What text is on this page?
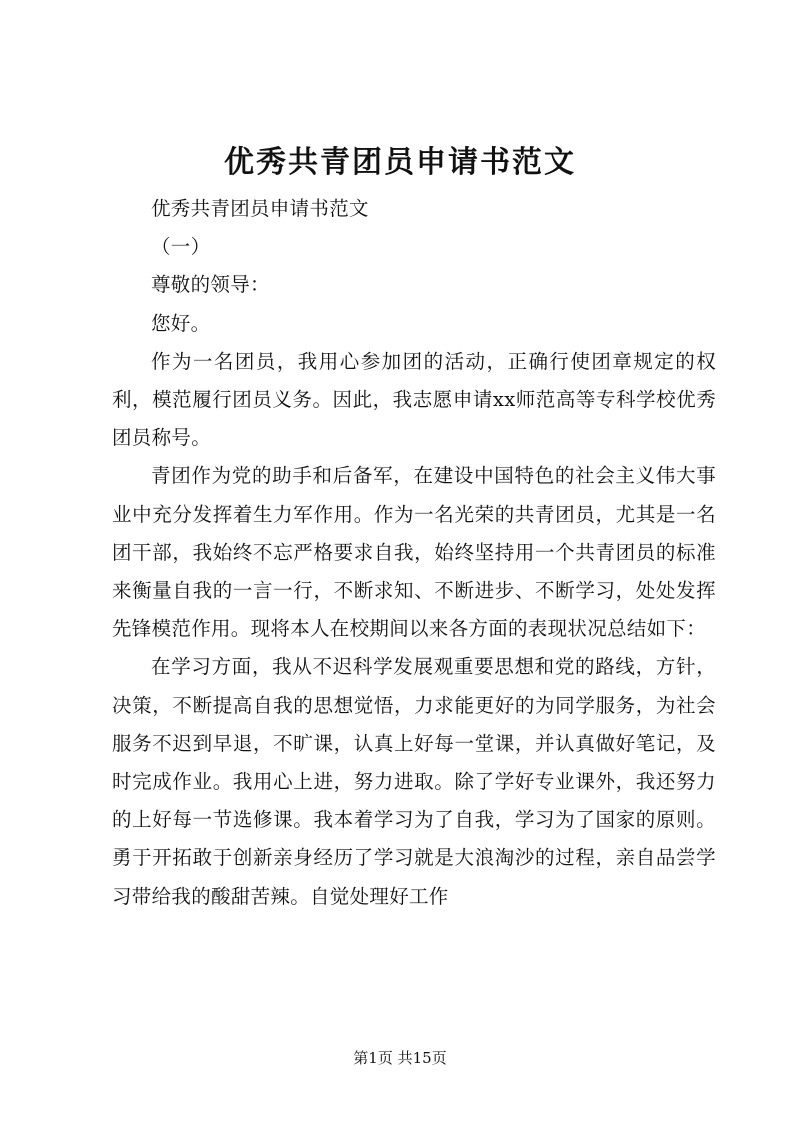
优秀共青团员申请书范文

优秀共青团员申请书范文

（一）

尊敬的领导：

您好。

作为一名团员，我用心参加团的活动，正确行使团章规定的权利，模范履行团员义务。因此，我志愿申请xx师范高等专科学校优秀团员称号。

青团作为党的助手和后备军，在建设中国特色的社会主义伟大事业中充分发挥着生力军作用。作为一名光荣的共青团员，尤其是一名团干部，我始终不忘严格要求自我，始终坚持用一个共青团员的标准来衡量自我的一言一行，不断求知、不断进步、不断学习，处处发挥先锋模范作用。现将本人在校期间以来各方面的表现状况总结如下：

在学习方面，我从不迟科学发展观重要思想和党的路线，方针，决策，不断提高自我的思想觉悟，力求能更好的为同学服务，为社会服务不迟到早退，不旷课，认真上好每一堂课，并认真做好笔记，及时完成作业。我用心上进，努力进取。除了学好专业课外，我还努力的上好每一节选修课。我本着学习为了自我，学习为了国家的原则。勇于开拓敢于创新亲身经历了学习就是大浪淘沙的过程，亲自品尝学习带给我的酸甜苦辣。自觉处理好工作

第1页 共15页
